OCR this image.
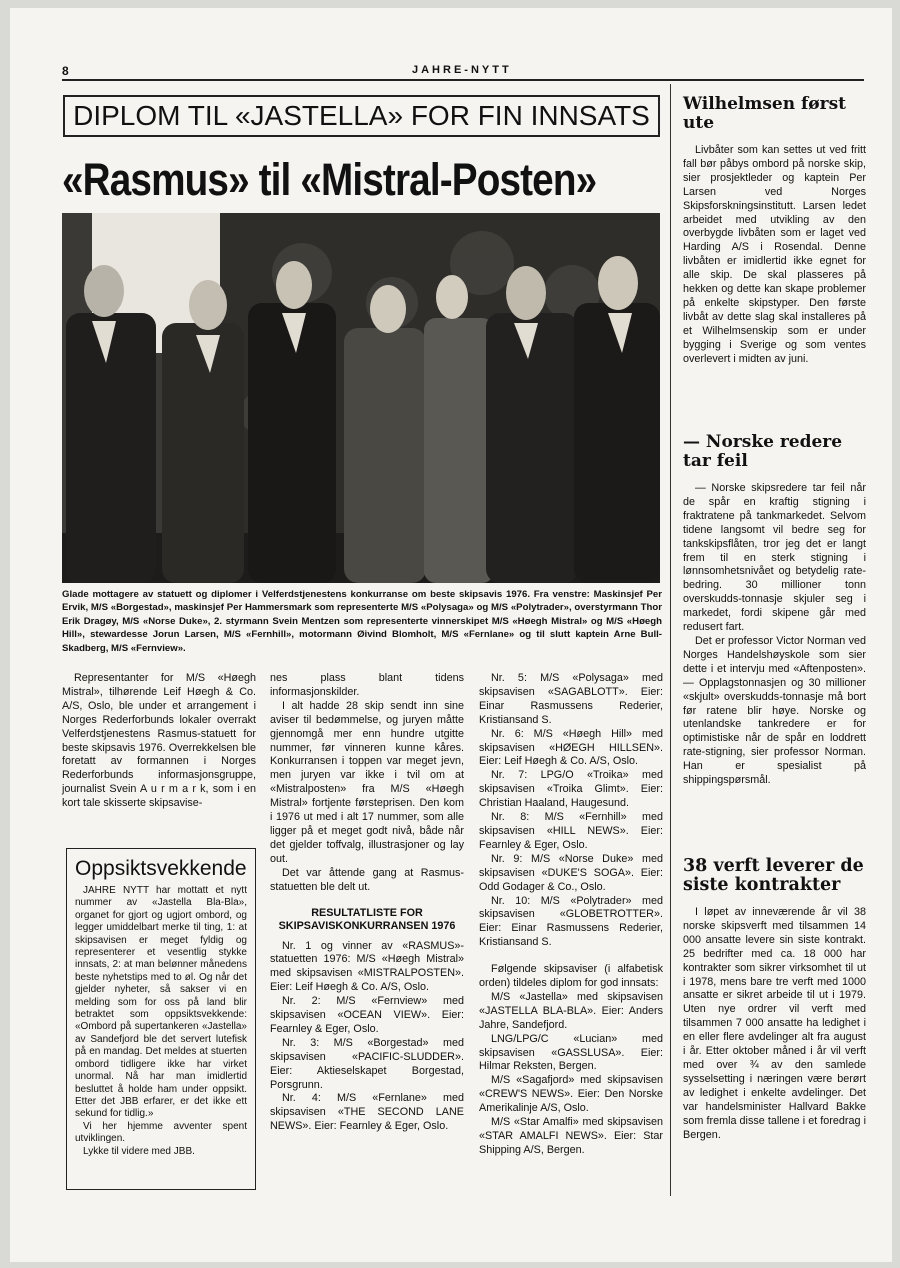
8	JAHRE-NYTT
DIPLOM TIL «JASTELLA» FOR FIN INNSATS
«Rasmus» til «Mistral-Posten»
Glade mottagere av statuett og diplomer i Velferdstjenestens konkurranse om beste skipsavis 1976. Fra venstre: Maskinsjef Per Ervik, M/S «Borgestad», maskinsjef Per Hammersmark som representerte M/S «Polysaga» og M/S «Polytrader», overstyrmann Thor Erik Dragøy, M/S «Norse Duke», 2. styrmann Svein Mentzen som representerte vinnerskipet M/S «Høegh Mistral» og M/S «Høegh Hill», stewardesse Jorun Larsen, M/S «Fernhill», motormann Øivind Blomholt, M/S «Fernlane» og til slutt kaptein Arne Bull-Skadberg, M/S «Fernview».

Representanter for M/S «Høegh Mistral», tilhørende Leif Høegh & Co. A/S, Oslo, ble under et arrangement i Norges Rederforbunds lokaler overrakt Velferdstjenestens Rasmus-statuett for beste skipsavis 1976. Overrekkelsen ble foretatt av formannen i Norges Rederforbunds informasjonsgruppe, journalist Svein A u r m a r k, som i en kort tale skisserte skipsavise-

Oppsiktsvekkende

JAHRE NYTT har mottatt et nytt nummer av «Jastella Bla-Bla», organet for gjort og ugjort ombord, og legger umiddelbart merke til ting, 1: at skipsavisen er meget fyldig og representerer et vesentlig stykke innsats, 2: at man belønner månedens beste nyhetstips med to øl. Og når det gjelder nyheter, så sakser vi en melding som for oss på land blir betraktet som oppsiktsvekkende: «Ombord på supertankeren «Jastella» av Sandefjord ble det servert lutefisk på en mandag. Det meldes at stuerten ombord tidligere ikke har virket unormal. Nå har man imidlertid besluttet å holde ham under oppsikt. Etter det JBB erfarer, er det ikke ett sekund for tidlig.»

Vi her hjemme avventer spent utviklingen.

Lykke til videre med JBB.

nes plass blant tidens informasjonskilder.

I alt hadde 28 skip sendt inn sine aviser til bedømmelse, og juryen måtte gjennomgå mer enn hundre utgitte nummer, før vinneren kunne kåres. Konkurransen i toppen var meget jevn, men juryen var ikke i tvil om at «Mistralposten» fra M/S «Høegh Mistral» fortjente førsteprisen. Den kom i 1976 ut med i alt 17 nummer, som alle ligger på et meget godt nivå, både når det gjelder toffvalg, illustrasjoner og lay out.

Det var åttende gang at Rasmus-statuetten ble delt ut.

RESULTATLISTE FOR SKIPSAVISKONKURRANSEN 1976

Nr. 1 og vinner av «RASMUS»-statuetten 1976: M/S «Høegh Mistral» med skipsavisen «MISTRALPOSTEN». Eier: Leif Høegh & Co. A/S, Oslo.

Nr. 2: M/S «Fernview» med skipsavisen «OCEAN VIEW». Eier: Fearnley & Eger, Oslo.

Nr. 3: M/S «Borgestad» med skipsavisen «PACIFIC-SLUDDER». Eier: Aktieselskapet Borgestad, Porsgrunn.

Nr. 4: M/S «Fernlane» med skipsavisen «THE SECOND LANE NEWS». Eier: Fearnley & Eger, Oslo.

Nr. 5: M/S «Polysaga» med skipsavisen «SAGABLOTT». Eier: Einar Rasmussens Rederier, Kristiansand S.

Nr. 6: M/S «Høegh Hill» med skipsavisen «HØEGH HILLSEN». Eier: Leif Høegh & Co. A/S, Oslo.

Nr. 7: LPG/O «Troika» med skipsavisen «Troika Glimt». Eier: Christian Haaland, Haugesund.

Nr. 8: M/S «Fernhill» med skipsavisen «HILL NEWS». Eier: Fearnley & Eger, Oslo.

Nr. 9: M/S «Norse Duke» med skipsavisen «DUKE'S SOGA». Eier: Odd Godager & Co., Oslo.

Nr. 10: M/S «Polytrader» med skipsavisen «GLOBETROTTER». Eier: Einar Rasmussens Rederier, Kristiansand S.

Følgende skipsaviser (i alfabetisk orden) tildeles diplom for god innsats:

M/S «Jastella» med skipsavisen «JASTELLA BLA-BLA». Eier: Anders Jahre, Sandefjord.

LNG/LPG/C «Lucian» med skipsavisen «GASSLUSA». Eier: Hilmar Reksten, Bergen.

M/S «Sagafjord» med skipsavisen «CREW'S NEWS». Eier: Den Norske Amerikalinje A/S, Oslo.

M/S «Star Amalfi» med skipsavisen «STAR AMALFI NEWS». Eier: Star Shipping A/S, Bergen.

Wilhelmsen først ute

Livbåter som kan settes ut ved fritt fall bør påbys ombord på norske skip, sier prosjektleder og kaptein Per Larsen ved Norges Skipsforskningsinstitutt. Larsen ledet arbeidet med utvikling av den overbygde livbåten som er laget ved Harding A/S i Rosendal. Denne livbåten er imidlertid ikke egnet for alle skip. De skal plasseres på hekken og dette kan skape problemer på enkelte skipstyper. Den første livbåt av dette slag skal installeres på et Wilhelmsenskip som er under bygging i Sverige og som ventes overlevert i midten av juni.

— Norske redere tar feil

— Norske skipsredere tar feil når de spår en kraftig stigning i fraktratene på tankmarkedet. Selvom tidene langsomt vil bedre seg for tankskipsflåten, tror jeg det er langt frem til en sterk stigning i lønnsomhetsnivået og betydelig rate-bedring. 30 millioner tonn overskudds-tonnasje skjuler seg i markedet, fordi skipene går med redusert fart.

Det er professor Victor Norman ved Norges Handelshøyskole som sier dette i et intervju med «Aftenposten». — Opplagstonnasjen og 30 millioner «skjult» overskudds-tonnasje må bort før ratene blir høye. Norske og utenlandske tankredere er for optimistiske når de spår en loddrett rate-stigning, sier professor Norman. Han er spesialist på shippingspørsmål.

38 verft leverer de siste kontrakter

I løpet av inneværende år vil 38 norske skipsverft med tilsammen 14 000 ansatte levere sin siste kontrakt. 25 bedrifter med ca. 18 000 har kontrakter som sikrer virksomhet til ut i 1978, mens bare tre verft med 1000 ansatte er sikret arbeide til ut i 1979. Uten nye ordrer vil verft med tilsammen 7 000 ansatte ha ledighet i en eller flere avdelinger alt fra august i år. Etter oktober måned i år vil verft med over ¾ av den samlede sysselsetting i næringen være berørt av ledighet i enkelte avdelinger. Det var handelsminister Hallvard Bakke som fremla disse tallene i et foredrag i Bergen.
